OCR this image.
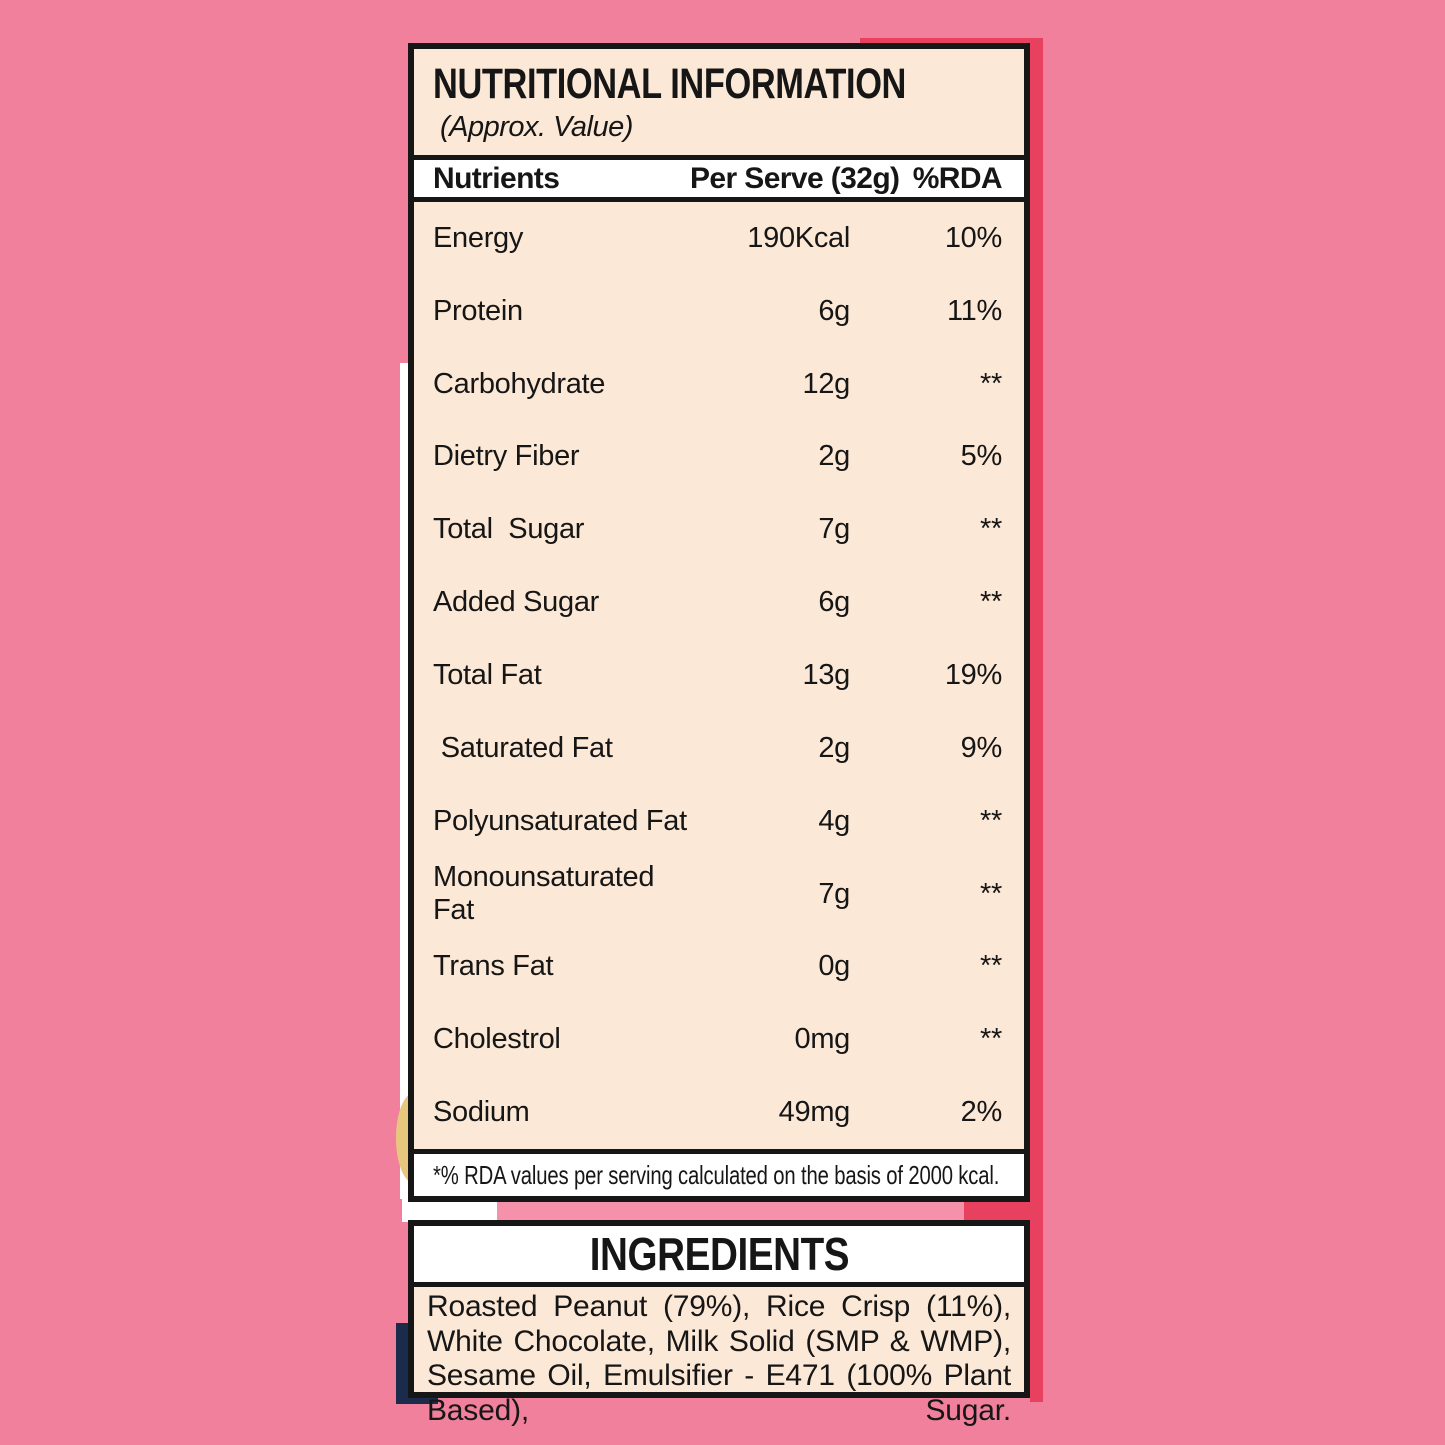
NUTRITIONAL INFORMATION
(Approx. Value)
Nutrients	Per Serve (32g) %RDA
Energy	190Kcal	10%
Protein	6g	11%
Carbohydrate	12g	**
Dietry Fiber	2g	5%
Total  Sugar	7g	**
Added Sugar	6g	**
Total Fat	13g	19%
Saturated Fat	2g	9%
Polyunsaturated Fat	4g	**
Monounsaturated Fat
7g	**
Trans Fat	0g	**
Cholestrol	0mg	**
Sodium	49mg	2%
*% RDA values per serving calculated on the basis of 2000 kcal.
INGREDIENTS
Roasted Peanut (79%), Rice Crisp (11%), White Chocolate, Milk Solid (SMP & WMP), Sesame Oil, Emulsifier - E471 (100% Plant Based), Sugar.
